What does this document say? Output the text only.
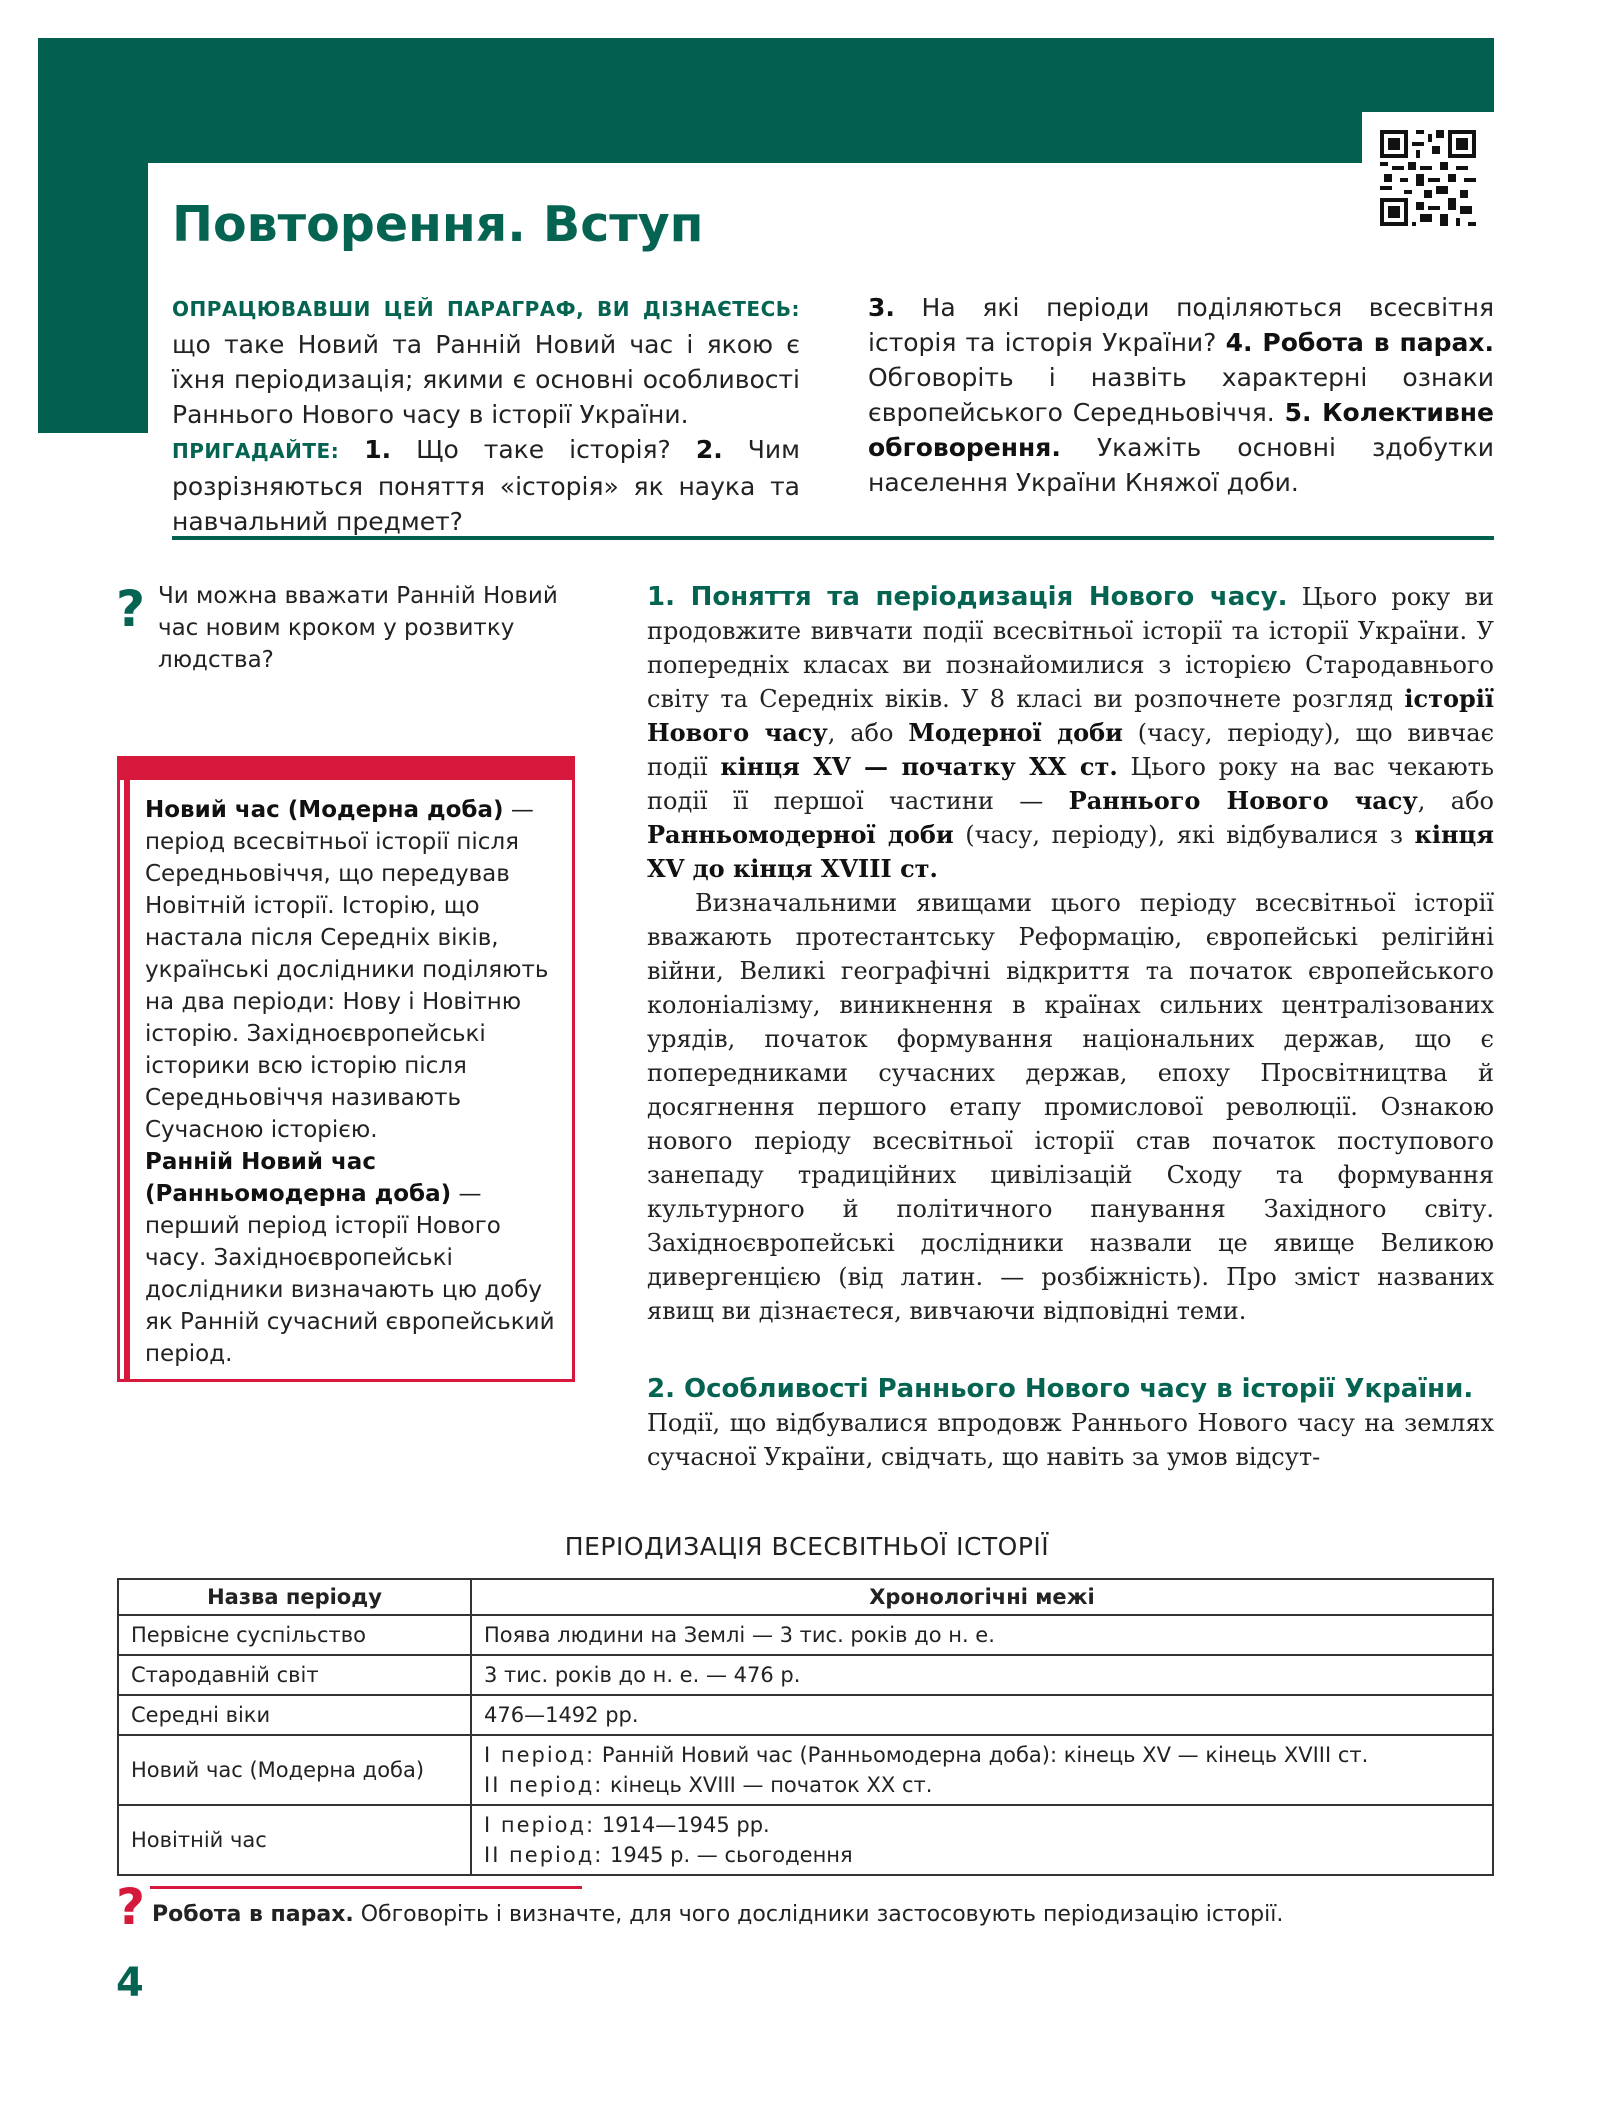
Повторення. Вступ
ОПРАЦЮВАВШИ ЦЕЙ ПАРАГРАФ, ВИ ДІЗНАЄТЕСЬ: що таке Новий та Ранній Новий час і якою є їхня періодизація; якими є основні особливості Раннього Нового часу в історії України.
ПРИГАДАЙТЕ: 1. Що таке історія? 2. Чим розрізняються поняття «історія» як наука та навчальний предмет?
3. На які періоди поділяються всесвітня історія та історія України? 4. Робота в парах. Обговоріть і назвіть характерні ознаки європейського Середньовіччя. 5. Колективне обговорення. Укажіть основні здобутки населення України Княжої доби.
? Чи можна вважати Ранній Новий час новим кроком у розвитку людства?
Новий час (Модерна доба) — період всесвітньої історії після Середньовіччя, що передував Новітній історії. Історію, що настала після Середніх віків, українські дослідники поділяють на два періоди: Нову і Новітню історію. Західноєвропейські історики всю історію після Середньовіччя називають Сучасною історією.
Ранній Новий час (Ранньомодерна доба) — перший період історії Нового часу. Західноєвропейські дослідники визначають цю добу як Ранній сучасний європейський період.
1. Поняття та періодизація Нового часу. Цього року ви продовжите вивчати події всесвітньої історії та історії України. У попередніх класах ви познайомилися з історією Стародавнього світу та Середніх віків. У 8 класі ви розпочнете розгляд історії Нового часу, або Модерної доби (часу, періоду), що вивчає події кінця XV — початку XX ст. Цього року на вас чекають події її першої частини — Раннього Нового часу, або Ранньомодерної доби (часу, періоду), які відбувалися з кінця XV до кінця XVIII ст.
Визначальними явищами цього періоду всесвітньої історії вважають протестантську Реформацію, європейські релігійні війни, Великі географічні відкриття та початок європейського колоніалізму, виникнення в країнах сильних централізованих урядів, початок формування національних держав, що є попередниками сучасних держав, епоху Просвітництва й досягнення першого етапу промислової революції. Ознакою нового періоду всесвітньої історії став початок поступового занепаду традиційних цивілізацій Сходу та формування культурного й політичного панування Західного світу. Західноєвропейські дослідники назвали це явище Великою дивергенцією (від латин. — розбіжність). Про зміст названих явищ ви дізнаєтеся, вивчаючи відповідні теми.
2. Особливості Раннього Нового часу в історії України.
Події, що відбувалися впродовж Раннього Нового часу на землях сучасної України, свідчать, що навіть за умов відсут-
ПЕРІОДИЗАЦІЯ ВСЕСВІТНЬОЇ ІСТОРІЇ
Назва періоду	Хронологічні межі
Первісне суспільство	Поява людини на Землі — 3 тис. років до н. е.
Стародавній світ	3 тис. років до н. е. — 476 р.
Середні віки	476—1492 рр.
Новий час (Модерна доба)	I період: Ранній Новий час (Ранньомодерна доба): кінець XV — кінець XVIII ст.
II період: кінець XVIII — початок XX ст.

Новітній час	I період: 1914—1945 рр.
II період: 1945 р. — сьогодення
? Робота в парах. Обговоріть і визначте, для чого дослідники застосовують періодизацію історії.
4
